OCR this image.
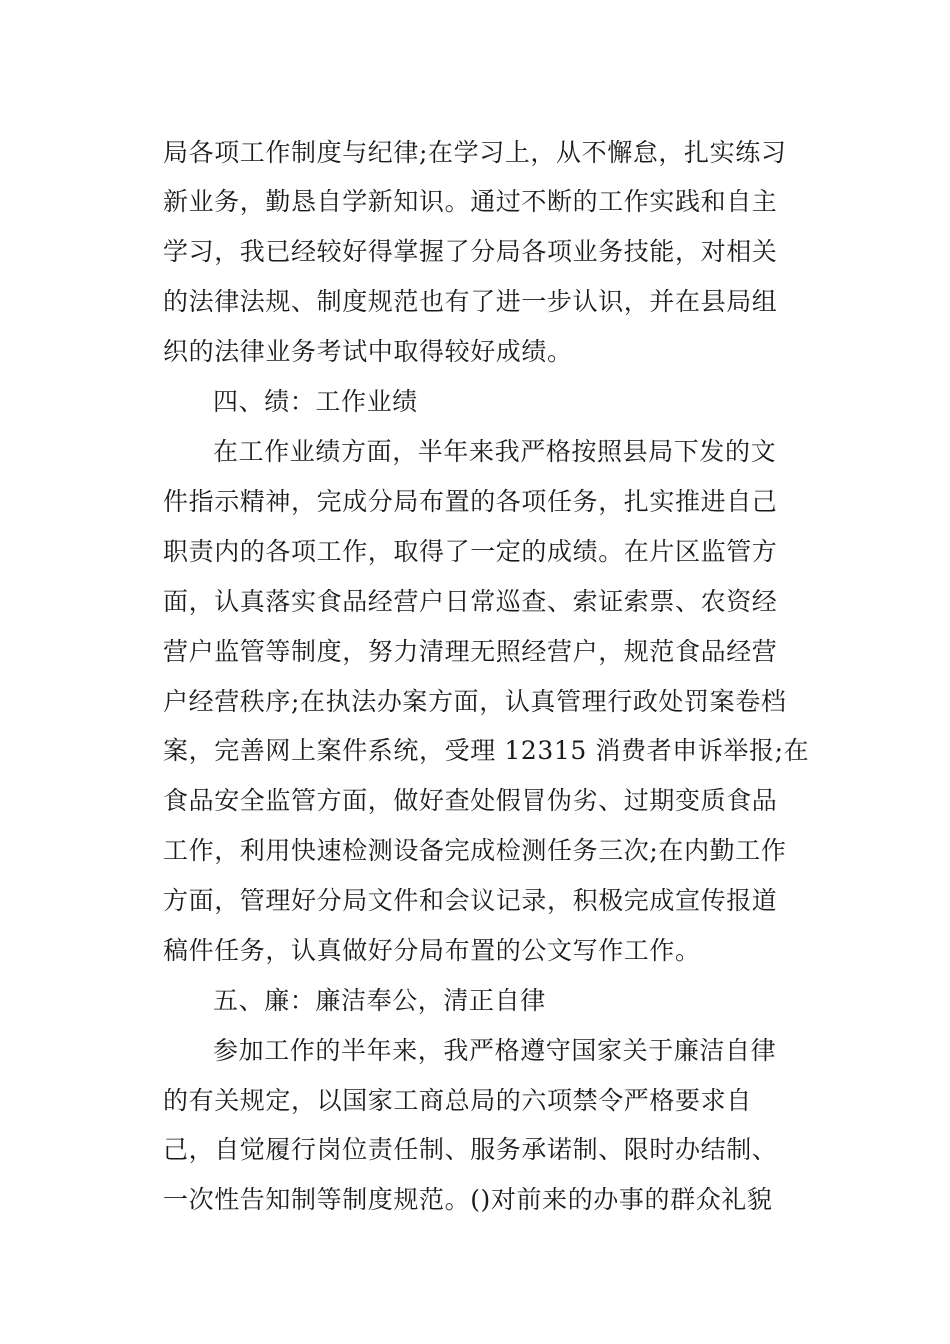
局各项工作制度与纪律;在学习上，从不懈怠，扎实练习
新业务，勤恳自学新知识。通过不断的工作实践和自主
学习，我已经较好得掌握了分局各项业务技能，对相关
的法律法规、制度规范也有了进一步认识，并在县局组
织的法律业务考试中取得较好成绩。
四、绩：工作业绩
在工作业绩方面，半年来我严格按照县局下发的文
件指示精神，完成分局布置的各项任务，扎实推进自己
职责内的各项工作，取得了一定的成绩。在片区监管方
面，认真落实食品经营户日常巡查、索证索票、农资经
营户监管等制度，努力清理无照经营户，规范食品经营
户经营秩序;在执法办案方面，认真管理行政处罚案卷档
案，完善网上案件系统，受理 12315 消费者申诉举报;在
食品安全监管方面，做好查处假冒伪劣、过期变质食品
工作，利用快速检测设备完成检测任务三次;在内勤工作
方面，管理好分局文件和会议记录，积极完成宣传报道
稿件任务，认真做好分局布置的公文写作工作。
五、廉：廉洁奉公，清正自律
参加工作的半年来，我严格遵守国家关于廉洁自律
的有关规定，以国家工商总局的六项禁令严格要求自
己，自觉履行岗位责任制、服务承诺制、限时办结制、
一次性告知制等制度规范。()对前来的办事的群众礼貌
